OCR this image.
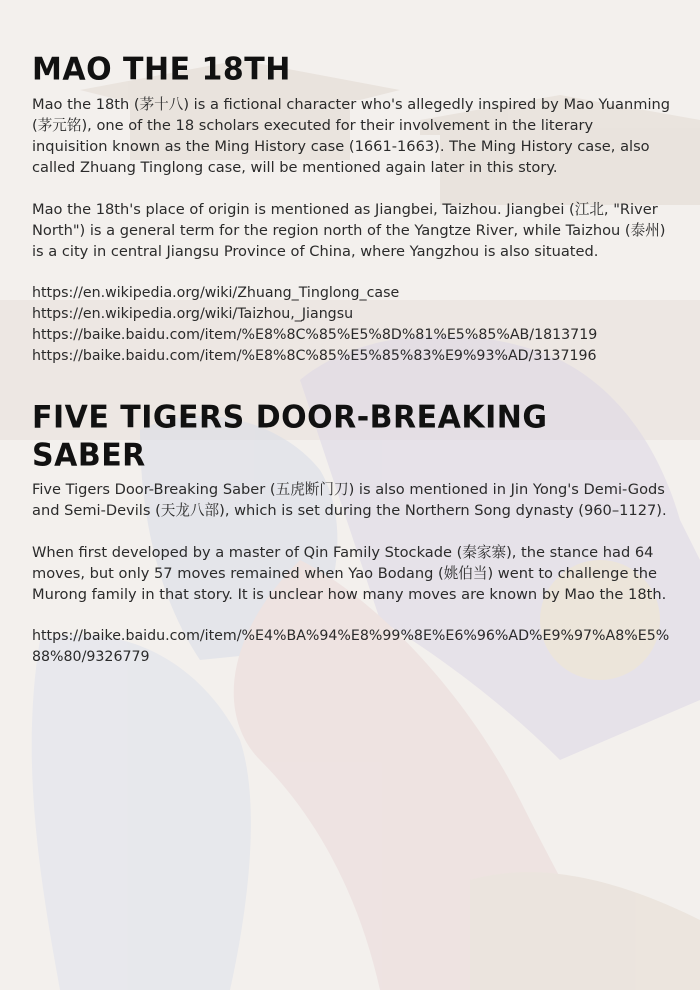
MAO THE 18TH

Mao the 18th (茅十八) is a fictional character who's allegedly inspired by Mao Yuanming (茅元铭), one of the 18 scholars executed for their involvement in the literary inquisition known as the Ming History case (1661-1663). The Ming History case, also called Zhuang Tinglong case, will be mentioned again later in this story.

Mao the 18th's place of origin is mentioned as Jiangbei, Taizhou. Jiangbei (江北, "River North") is a general term for the region north of the Yangtze River, while Taizhou (泰州) is a city in central Jiangsu Province of China, where Yangzhou is also situated.

https://en.wikipedia.org/wiki/Zhuang_Tinglong_case
https://en.wikipedia.org/wiki/Taizhou,_Jiangsu
https://baike.baidu.com/item/%E8%8C%85%E5%8D%81%E5%85%AB/1813719
https://baike.baidu.com/item/%E8%8C%85%E5%85%83%E9%93%AD/3137196
FIVE TIGERS DOOR-BREAKING SABER

Five Tigers Door-Breaking Saber (五虎断门刀) is also mentioned in Jin Yong's Demi-Gods and Semi-Devils (天龙八部), which is set during the Northern Song dynasty (960–1127).

When first developed by a master of Qin Family Stockade (秦家寨), the stance had 64 moves, but only 57 moves remained when Yao Bodang (姚伯当) went to challenge the Murong family in that story. It is unclear how many moves are known by Mao the 18th.

https://baike.baidu.com/item/%E4%BA%94%E8%99%8E%E6%96%AD%E9%97%A8%E5%88%80/9326779
